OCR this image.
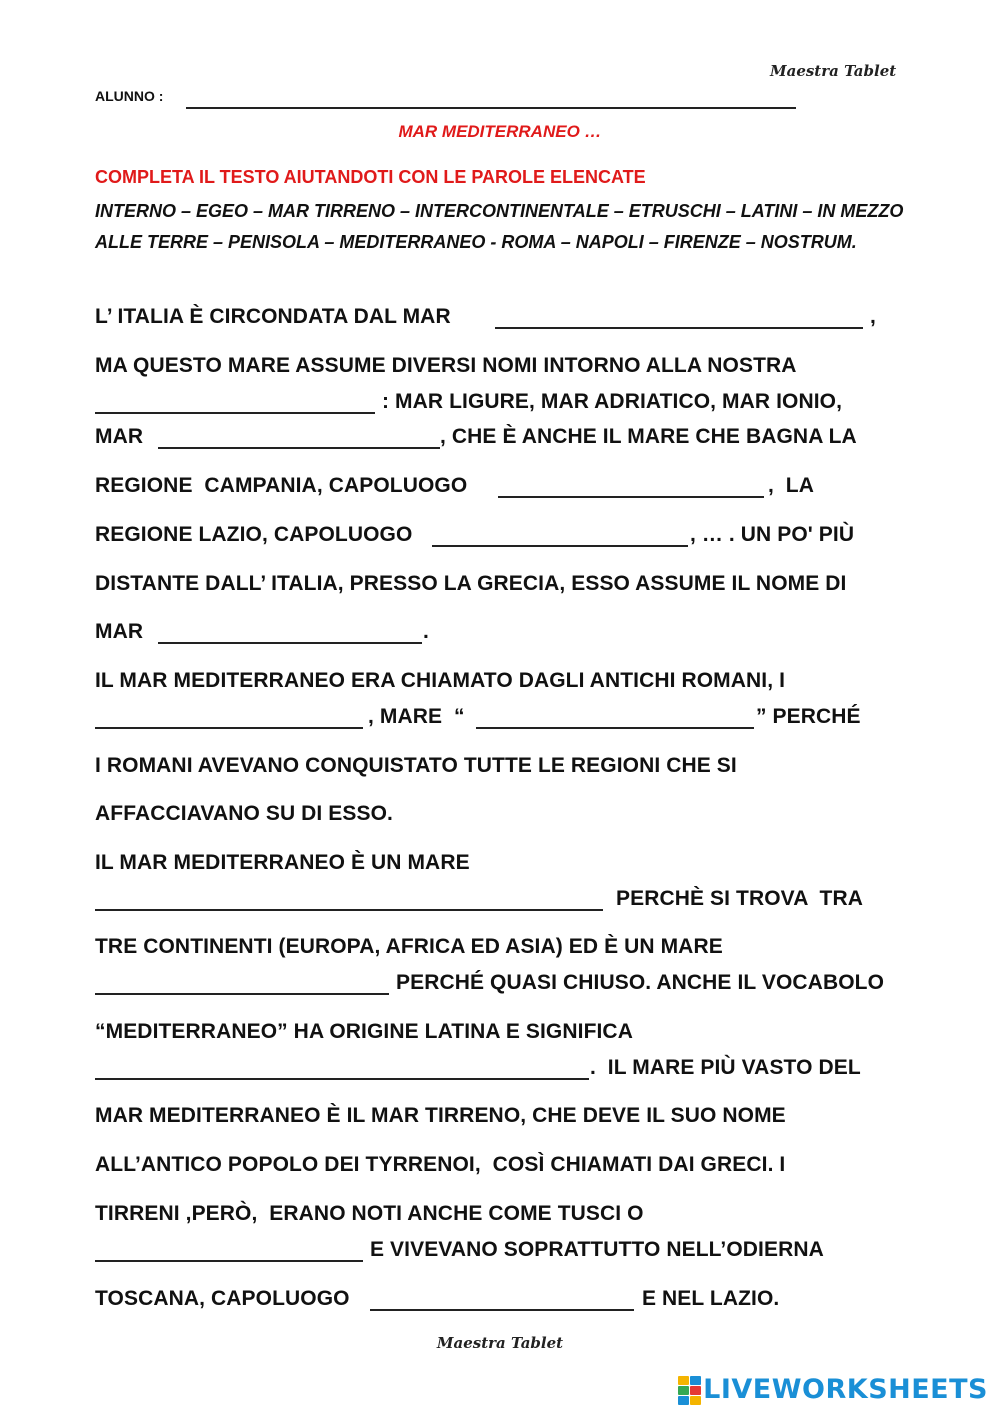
Maestra Tablet
ALUNNO :
MAR MEDITERRANEO …
COMPLETA IL TESTO AIUTANDOTI CON LE PAROLE ELENCATE
INTERNO – EGEO – MAR TIRRENO – INTERCONTINENTALE – ETRUSCHI – LATINI – IN MEZZO ALLE TERRE – PENISOLA – MEDITERRANEO - ROMA – NAPOLI – FIRENZE – NOSTRUM.
L’ ITALIA È CIRCONDATA DAL MAR	,
MA QUESTO MARE ASSUME DIVERSI NOMI INTORNO ALLA NOSTRA
: MAR LIGURE, MAR ADRIATICO, MAR IONIO,
MAR	, CHE È ANCHE IL MARE CHE BAGNA LA
REGIONE  CAMPANIA, CAPOLUOGO	,  LA
REGIONE LAZIO, CAPOLUOGO	, … . UN PO' PIÙ
DISTANTE DALL’ ITALIA, PRESSO LA GRECIA, ESSO ASSUME IL NOME DI
MAR	.
IL MAR MEDITERRANEO ERA CHIAMATO DAGLI ANTICHI ROMANI, I
, MARE  “	” PERCHÉ
I ROMANI AVEVANO CONQUISTATO TUTTE LE REGIONI CHE SI
AFFACCIAVANO SU DI ESSO.
IL MAR MEDITERRANEO È UN MARE
PERCHÈ SI TROVA  TRA
TRE CONTINENTI (EUROPA, AFRICA ED ASIA) ED È UN MARE
PERCHÉ QUASI CHIUSO. ANCHE IL VOCABOLO
“MEDITERRANEO” HA ORIGINE LATINA E SIGNIFICA
.  IL MARE PIÙ VASTO DEL
MAR MEDITERRANEO È IL MAR TIRRENO, CHE DEVE IL SUO NOME
ALL’ANTICO POPOLO DEI TYRRENOI,  COSÌ CHIAMATI DAI GRECI. I
TIRRENI ,PERÒ,  ERANO NOTI ANCHE COME TUSCI O
E VIVEVANO SOPRATTUTTO NELL’ODIERNA
TOSCANA, CAPOLUOGO	E NEL LAZIO.
Maestra Tablet
LIVEWORKSHEETS
